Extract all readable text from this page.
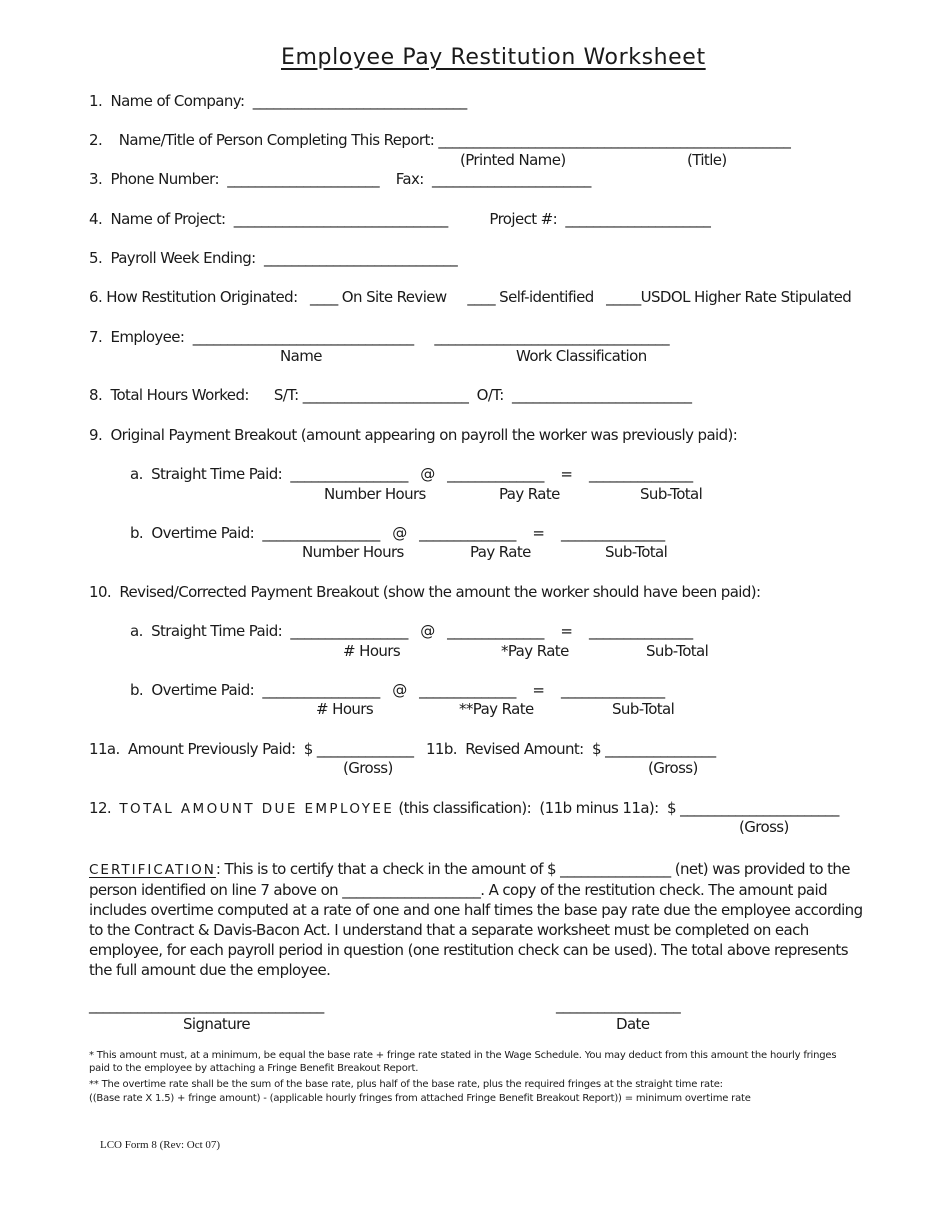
Employee Pay Restitution Worksheet
1.  Name of Company:  _______________________________
2.    Name/Title of Person Completing This Report: ___________________________________________________
(Printed Name)	(Title)
3.  Phone Number:  ______________________    Fax:  _______________________
4.  Name of Project:  _______________________________          Project #:  _____________________
5.  Payroll Week Ending:  ____________________________
6. How Restitution Originated:   ____ On Site Review     ____ Self-identified   _____USDOL Higher Rate Stipulated
7.  Employee:  ________________________________     __________________________________
Name	Work Classification
8.  Total Hours Worked:      S/T: ________________________  O/T:  __________________________
9.  Original Payment Breakout (amount appearing on payroll the worker was previously paid):
a.  Straight Time Paid:  _________________   @   ______________    =    _______________
Number Hours	Pay Rate	Sub-Total
b.  Overtime Paid:  _________________   @   ______________    =    _______________
Number Hours	Pay Rate	Sub-Total
10.  Revised/Corrected Payment Breakout (show the amount the worker should have been paid):
a.  Straight Time Paid:  _________________   @   ______________    =    _______________
# Hours	*Pay Rate	Sub-Total
b.  Overtime Paid:  _________________   @   ______________    =    _______________
# Hours	**Pay Rate	Sub-Total
11a.  Amount Previously Paid:  $ ______________   11b.  Revised Amount:  $ ________________
(Gross)	(Gross)
12. TOTAL AMOUNT DUE EMPLOYEE (this classification):  (11b minus 11a):  $ _______________________
(Gross)
CERTIFICATION: This is to certify that a check in the amount of $ ________________ (net) was provided to the person identified on line 7 above on ____________________. A copy of the restitution check. The amount paid includes overtime computed at a rate of one and one half times the base pay rate due the employee according to the Contract & Davis-Bacon Act. I understand that a separate worksheet must be completed on each employee, for each payroll period in question (one restitution check can be used). The total above represents the full amount due the employee.
__________________________________
Signature
__________________
Date
* This amount must, at a minimum, be equal the base rate + fringe rate stated in the Wage Schedule. You may deduct from this amount the hourly fringes paid to the employee by attaching a Fringe Benefit Breakout Report.
** The overtime rate shall be the sum of the base rate, plus half of the base rate, plus the required fringes at the straight time rate:
((Base rate X 1.5) + fringe amount) - (applicable hourly fringes from attached Fringe Benefit Breakout Report)) = minimum overtime rate
LCO Form 8 (Rev: Oct 07)
